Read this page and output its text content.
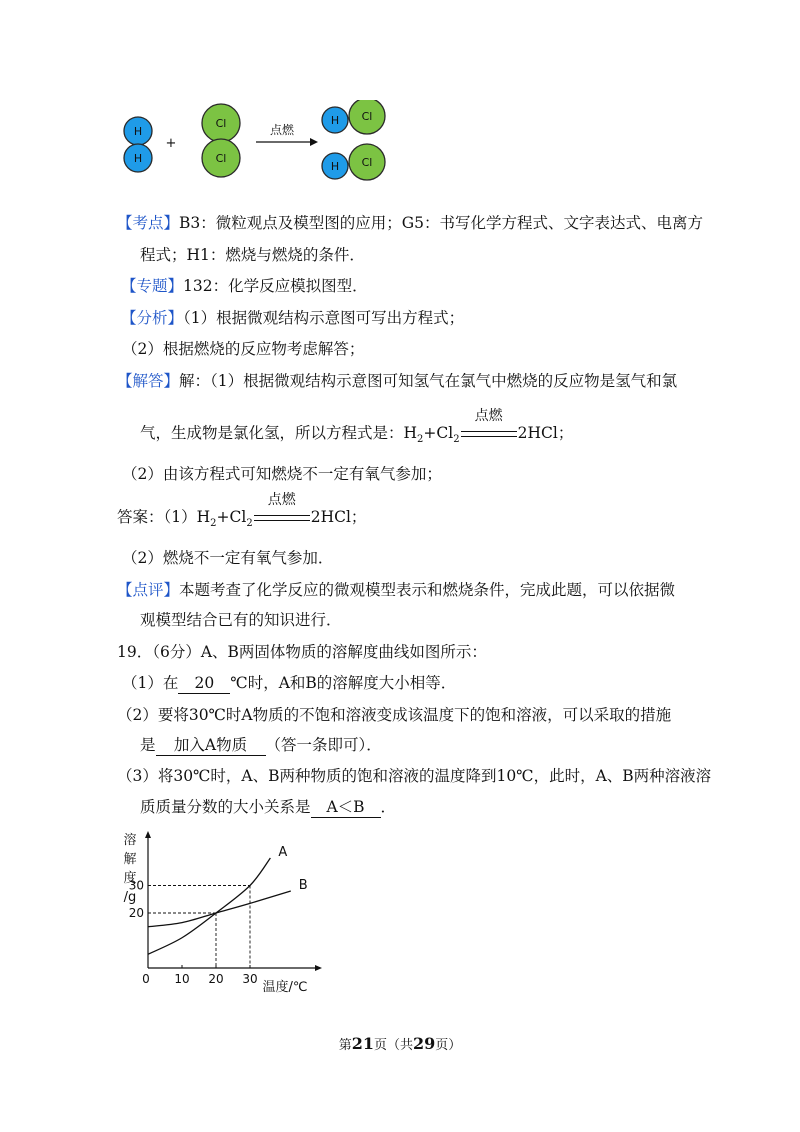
H
H
+
Cl
Cl
点燃
H Cl
H Cl
【考点】B3：微粒观点及模型图的应用；G5：书写化学方程式、文字表达式、电离方
程式；H1：燃烧与燃烧的条件．
【专题】132：化学反应模拟图型．
【分析】（1）根据微观结构示意图可写出方程式；
（2）根据燃烧的反应物考虑解答；
【解答】解：（1）根据微观结构示意图可知氢气在氯气中燃烧的反应物是氢气和氯
气，生成物是氯化氢，所以方程式是：$H_2+Cl_2$
点燃
2HCl；
（2）由该方程式可知燃烧不一定有氧气参加；
答案：$(1)H_2+Cl_2$
点燃
2HCl；
（2）燃烧不一定有氧气参加．
【点评】本题考查了化学反应的微观模型表示和燃烧条件，完成此题，可以依据微
观模型结合已有的知识进行．
19．（6分）A、B两固体物质的溶解度曲线如图所示：
（1）在 20 ℃时，A和B的溶解度大小相等．
（2）要将30℃时A物质的不饱和溶液变成该温度下的饱和溶液，可以采取的措施
是 加入A物质 （答一条即可）．
（3）将30℃时，A、B两种物质的饱和溶液的温度降到10℃，此时，A、B两种溶液溶
质质量分数的大小关系是 A＜B ．
溶
解
度
/g
A
B
0 10 20 30
20
30
温度/℃
第21页（共29页）
